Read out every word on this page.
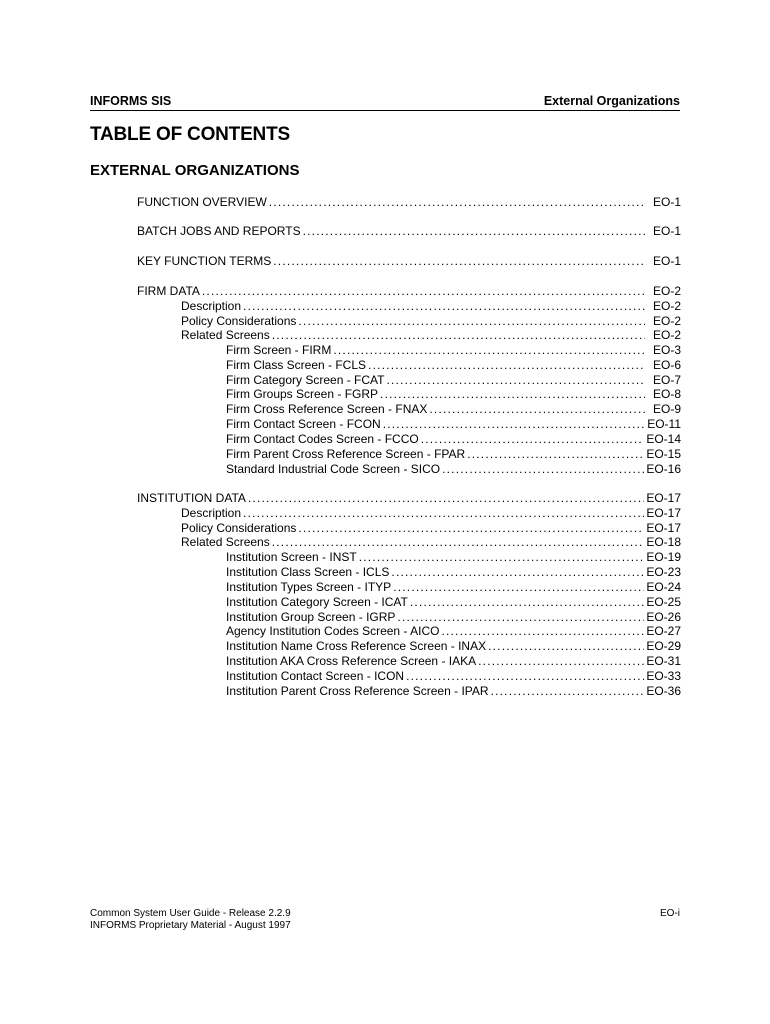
INFORMS SIS	External Organizations
TABLE OF CONTENTS
EXTERNAL ORGANIZATIONS
FUNCTION OVERVIEW .....	EO-1
BATCH JOBS AND REPORTS .....	EO-1
KEY FUNCTION TERMS .....	EO-1
FIRM DATA .....	EO-2
Description .....	EO-2
Policy Considerations .....	EO-2
Related Screens .....	EO-2
Firm Screen - FIRM .....	EO-3
Firm Class Screen - FCLS .....	EO-6
Firm Category Screen - FCAT .....	EO-7
Firm Groups Screen - FGRP .....	EO-8
Firm Cross Reference Screen - FNAX .....	EO-9
Firm Contact Screen - FCON .....	EO-11
Firm Contact Codes Screen - FCCO .....	EO-14
Firm Parent Cross Reference Screen - FPAR .....	EO-15
Standard Industrial Code Screen - SICO .....	EO-16
INSTITUTION DATA .....	EO-17
Description .....	EO-17
Policy Considerations .....	EO-17
Related Screens .....	EO-18
Institution Screen - INST .....	EO-19
Institution Class Screen - ICLS .....	EO-23
Institution Types Screen - ITYP .....	EO-24
Institution Category Screen - ICAT .....	EO-25
Institution Group Screen - IGRP .....	EO-26
Agency Institution Codes Screen - AICO .....	EO-27
Institution Name Cross Reference Screen - INAX .....	EO-29
Institution AKA Cross Reference Screen - IAKA .....	EO-31
Institution Contact Screen - ICON .....	EO-33
Institution Parent Cross Reference Screen - IPAR .....	EO-36
Common System User Guide - Release 2.2.9
INFORMS Proprietary Material - August 1997
EO-i
